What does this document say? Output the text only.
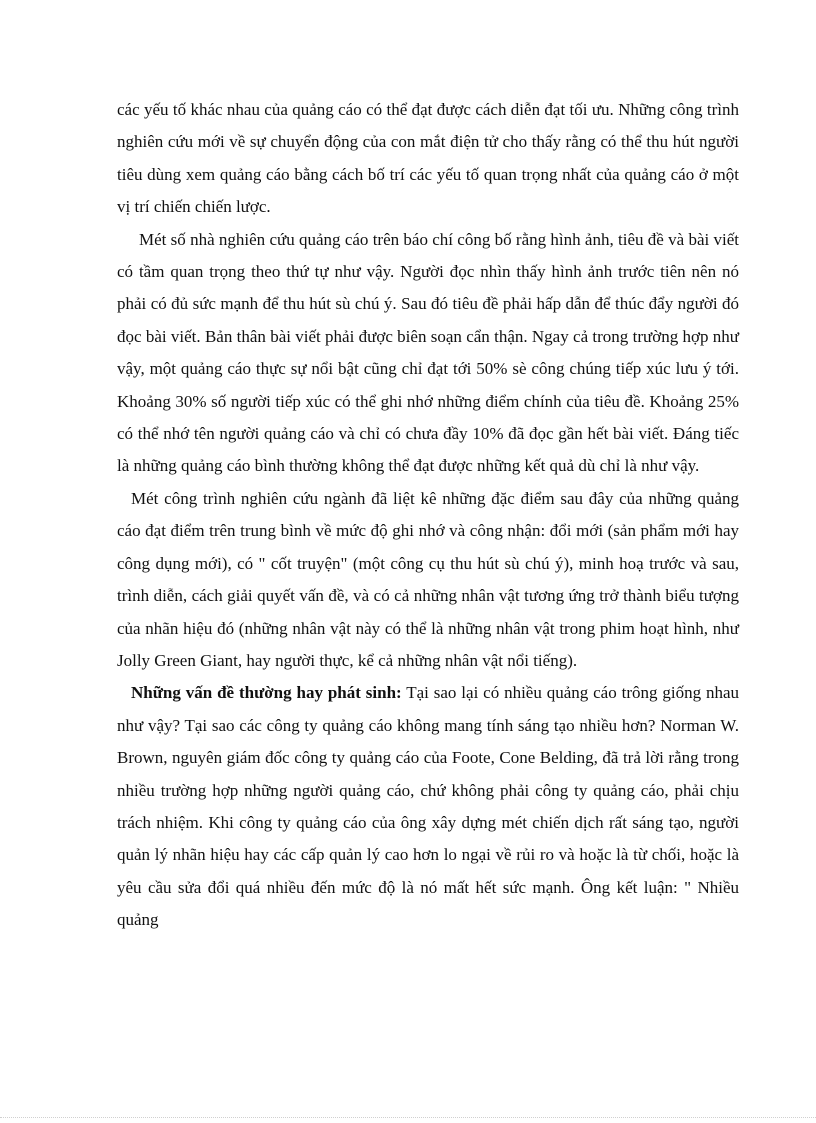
các yếu tố khác nhau của quảng cáo có thể đạt được cách diễn đạt tối ưu. Những công trình nghiên cứu mới về sự chuyển động của con mắt điện tử cho thấy rằng có thể thu hút người tiêu dùng xem quảng cáo bằng cách bố trí các yếu tố quan trọng nhất của quảng cáo ở một vị trí chiến chiến lược.

Mét số nhà nghiên cứu quảng cáo trên báo chí công bố rằng hình ảnh, tiêu đề và bài viết có tầm quan trọng theo thứ tự như vậy. Người đọc nhìn thấy hình ảnh trước tiên nên nó phải có đủ sức mạnh để thu hút sù chú ý. Sau đó tiêu đề phải hấp dẫn để thúc đẩy người đó đọc bài viết. Bản thân bài viết phải được biên soạn cẩn thận. Ngay cả trong trường hợp như vậy, một quảng cáo thực sự nổi bật cũng chỉ đạt tới 50% sè công chúng tiếp xúc lưu ý tới. Khoảng 30% số người tiếp xúc có thể ghi nhớ những điểm chính của tiêu đề. Khoảng 25% có thể nhớ tên người quảng cáo và chỉ có chưa đầy 10% đã đọc gần hết bài viết. Đáng tiếc là những quảng cáo bình thường không thể đạt được những kết quả dù chỉ là như vậy.

Mét công trình nghiên cứu ngành đã liệt kê những đặc điểm sau đây của những quảng cáo đạt điểm trên trung bình về mức độ ghi nhớ và công nhận: đổi mới (sản phẩm mới hay công dụng mới), có " cốt truyện" (một công cụ thu hút sù chú ý), minh hoạ trước và sau, trình diễn, cách giải quyết vấn đề, và có cả những nhân vật tương ứng trở thành biểu tượng của nhãn hiệu đó (những nhân vật này có thể là những nhân vật trong phim hoạt hình, như Jolly Green Giant, hay người thực, kể cả những nhân vật nổi tiếng).

Những vấn đề thường hay phát sinh: Tại sao lại có nhiều quảng cáo trông giống nhau như vậy? Tại sao các công ty quảng cáo không mang tính sáng tạo nhiều hơn? Norman W. Brown, nguyên giám đốc công ty quảng cáo của Foote, Cone Belding, đã trả lời rằng trong nhiều trường hợp những người quảng cáo, chứ không phải công ty quảng cáo, phải chịu trách nhiệm. Khi công ty quảng cáo của ông xây dựng mét chiến dịch rất sáng tạo, người quản lý nhãn hiệu hay các cấp quản lý cao hơn lo ngại về rủi ro và hoặc là từ chối, hoặc là yêu cầu sửa đổi quá nhiều đến mức độ là nó mất hết sức mạnh. Ông kết luận: " Nhiều quảng
